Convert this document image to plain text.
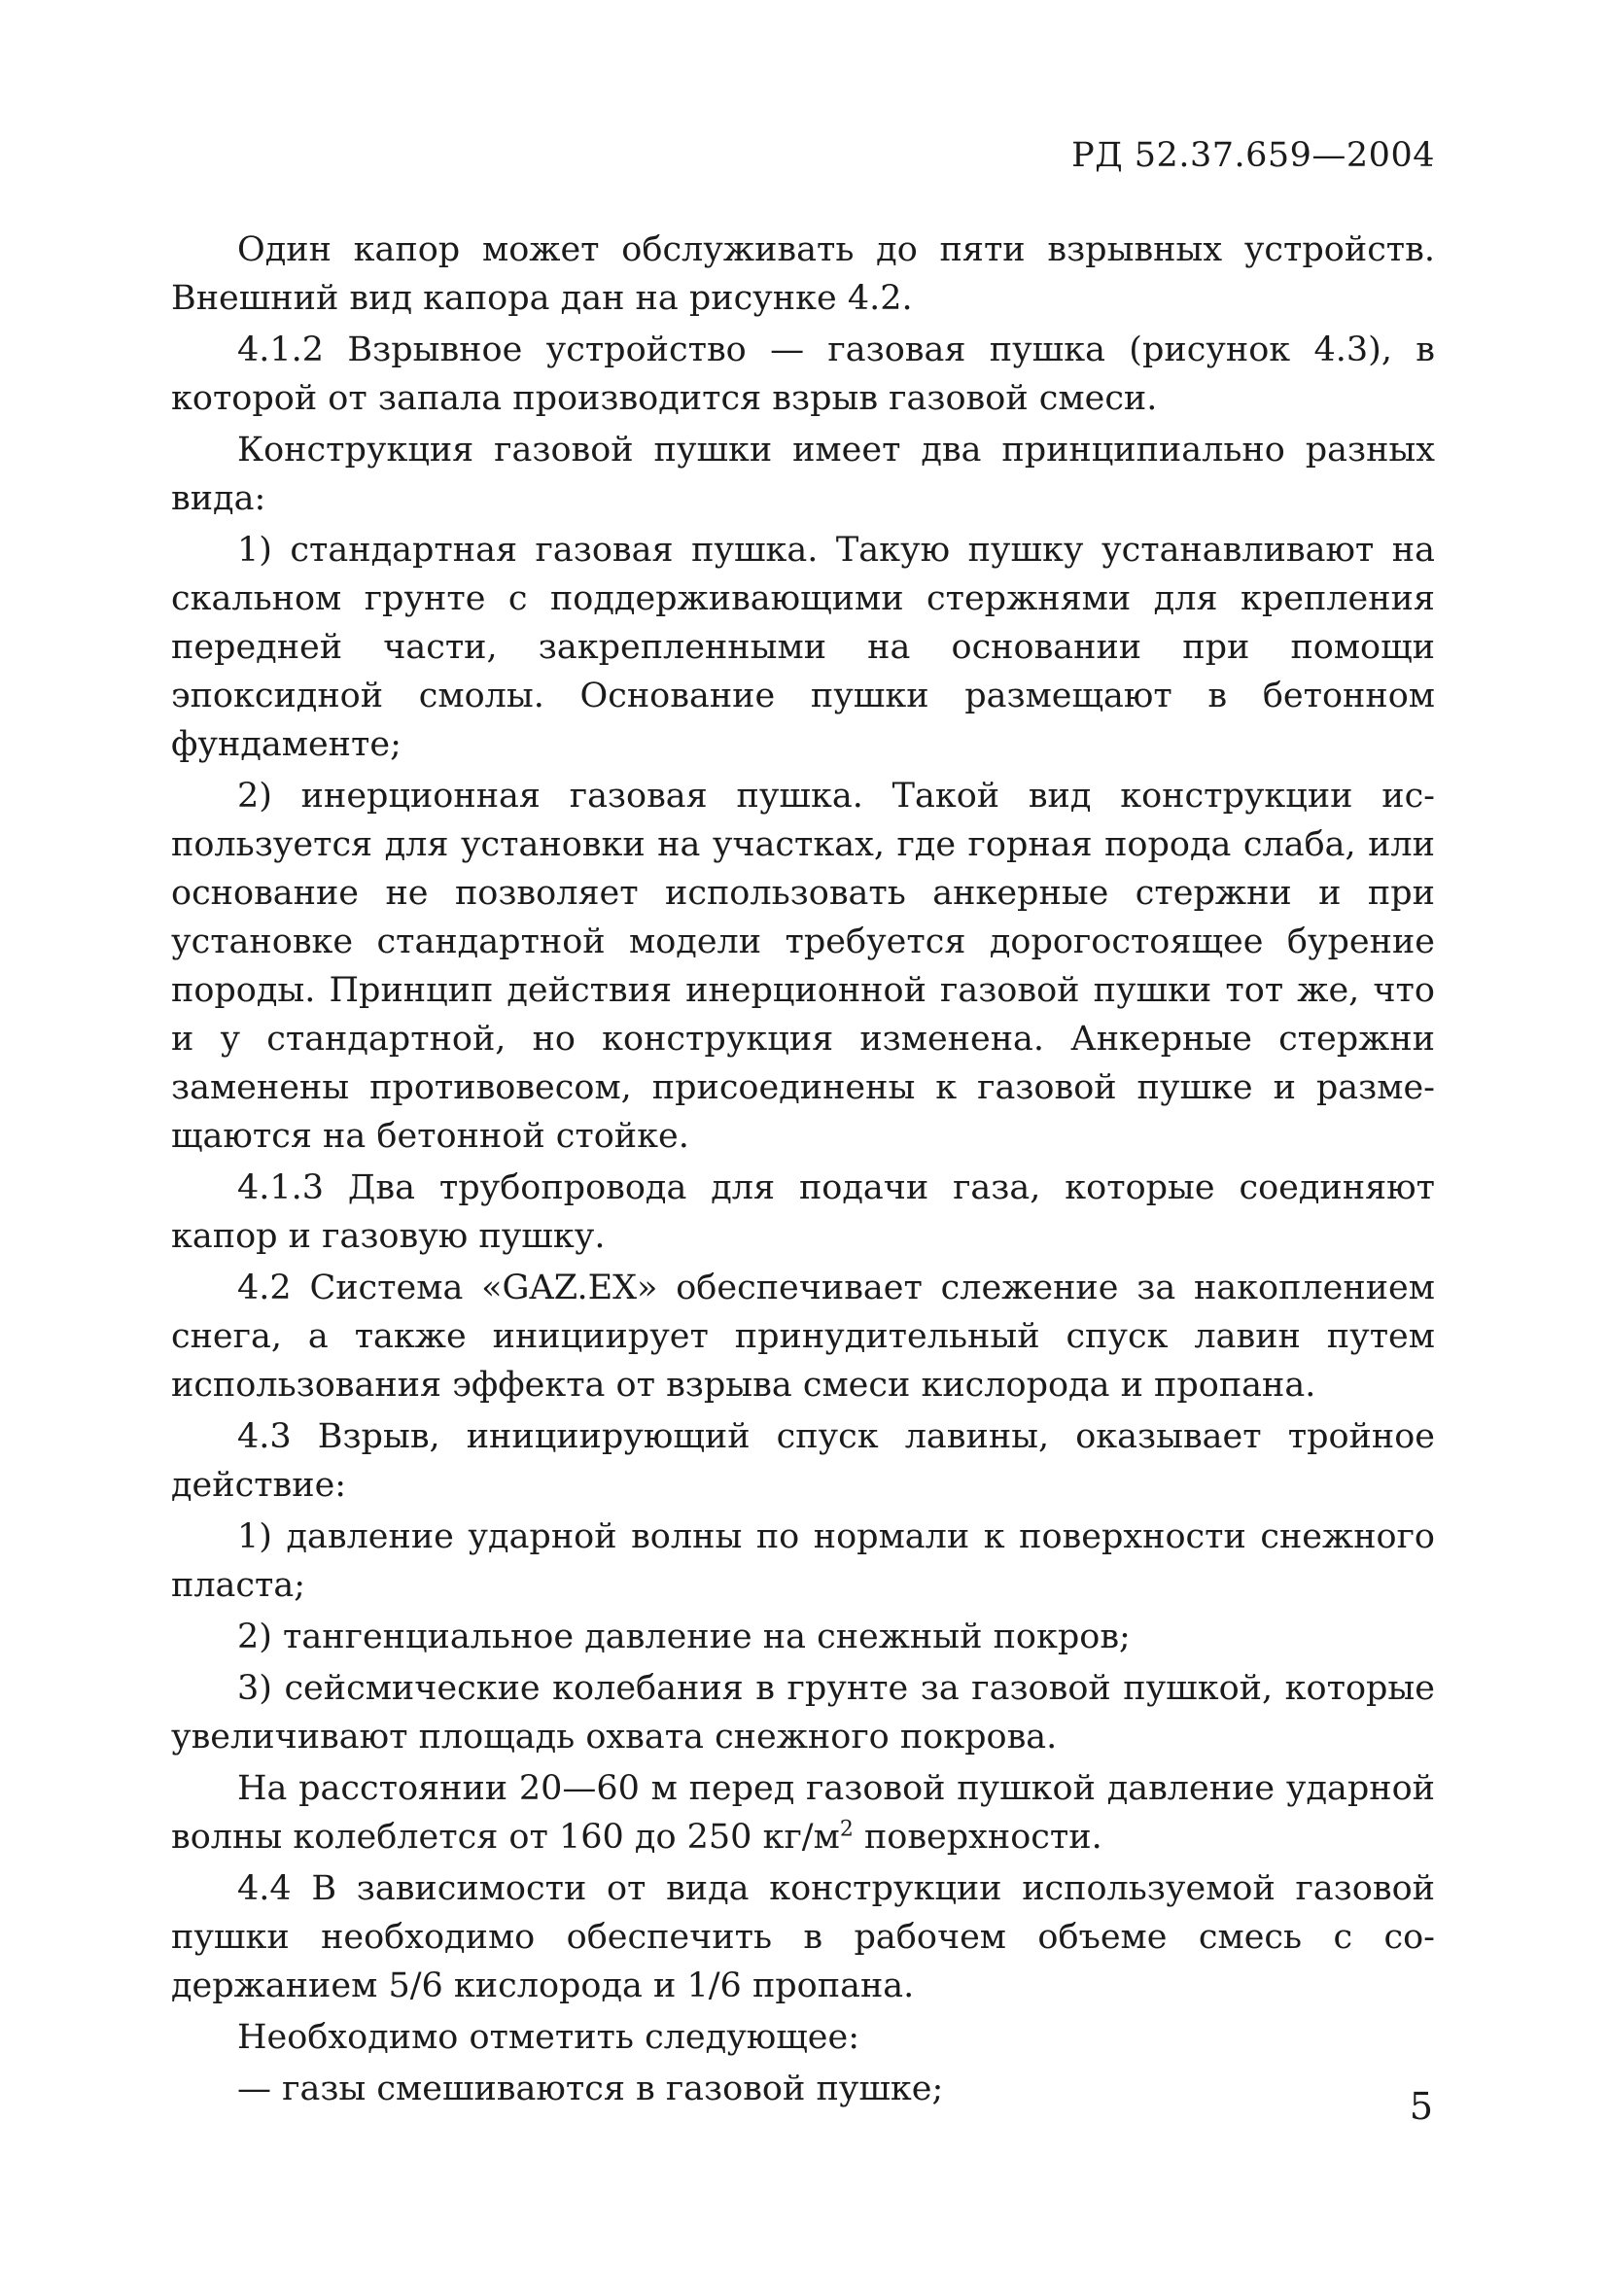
РД 52.37.659—2004

Один капор может обслуживать до пяти взрывных устройств. Внешний вид капора дан на рисунке 4.2.

4.1.2 Взрывное устройство — газовая пушка (рисунок 4.3), в которой от запала производится взрыв газовой смеси.

Конструкция газовой пушки имеет два принципиально разных вида:

1) стандартная газовая пушка. Такую пушку устанавливают на скальном грунте с поддерживающими стержнями для крепления передней части, закрепленными на основании при помощи эпоксидной смолы. Основание пушки размещают в бетонном фундаменте;

2) инерционная газовая пушка. Такой вид конструкции используется для установки на участках, где горная порода слаба, или основание не позволяет использовать анкерные стержни и при установке стандартной модели требуется дорогостоящее бурение породы. Принцип действия инерционной газовой пушки тот же, что и у стандартной, но конструкция изменена. Анкерные стержни заменены противовесом, присоединены к газовой пушке и размещаются на бетонной стойке.

4.1.3 Два трубопровода для подачи газа, которые соединяют капор и газовую пушку.

4.2 Система «GAZ.EX» обеспечивает слежение за накоплением снега, а также инициирует принудительный спуск лавин путем использования эффекта от взрыва смеси кислорода и пропана.

4.3 Взрыв, инициирующий спуск лавины, оказывает тройное действие:

1) давление ударной волны по нормали к поверхности снежного пласта;

2) тангенциальное давление на снежный покров;

3) сейсмические колебания в грунте за газовой пушкой, которые увеличивают площадь охвата снежного покрова.

На расстоянии 20—60 м перед газовой пушкой давление ударной волны колеблется от 160 до 250 $кг/м^2$ поверхности.

4.4 В зависимости от вида конструкции используемой газовой пушки необходимо обеспечить в рабочем объеме смесь с содержанием 5/6 кислорода и 1/6 пропана.

Необходимо отметить следующее:

— газы смешиваются в газовой пушке;	5
